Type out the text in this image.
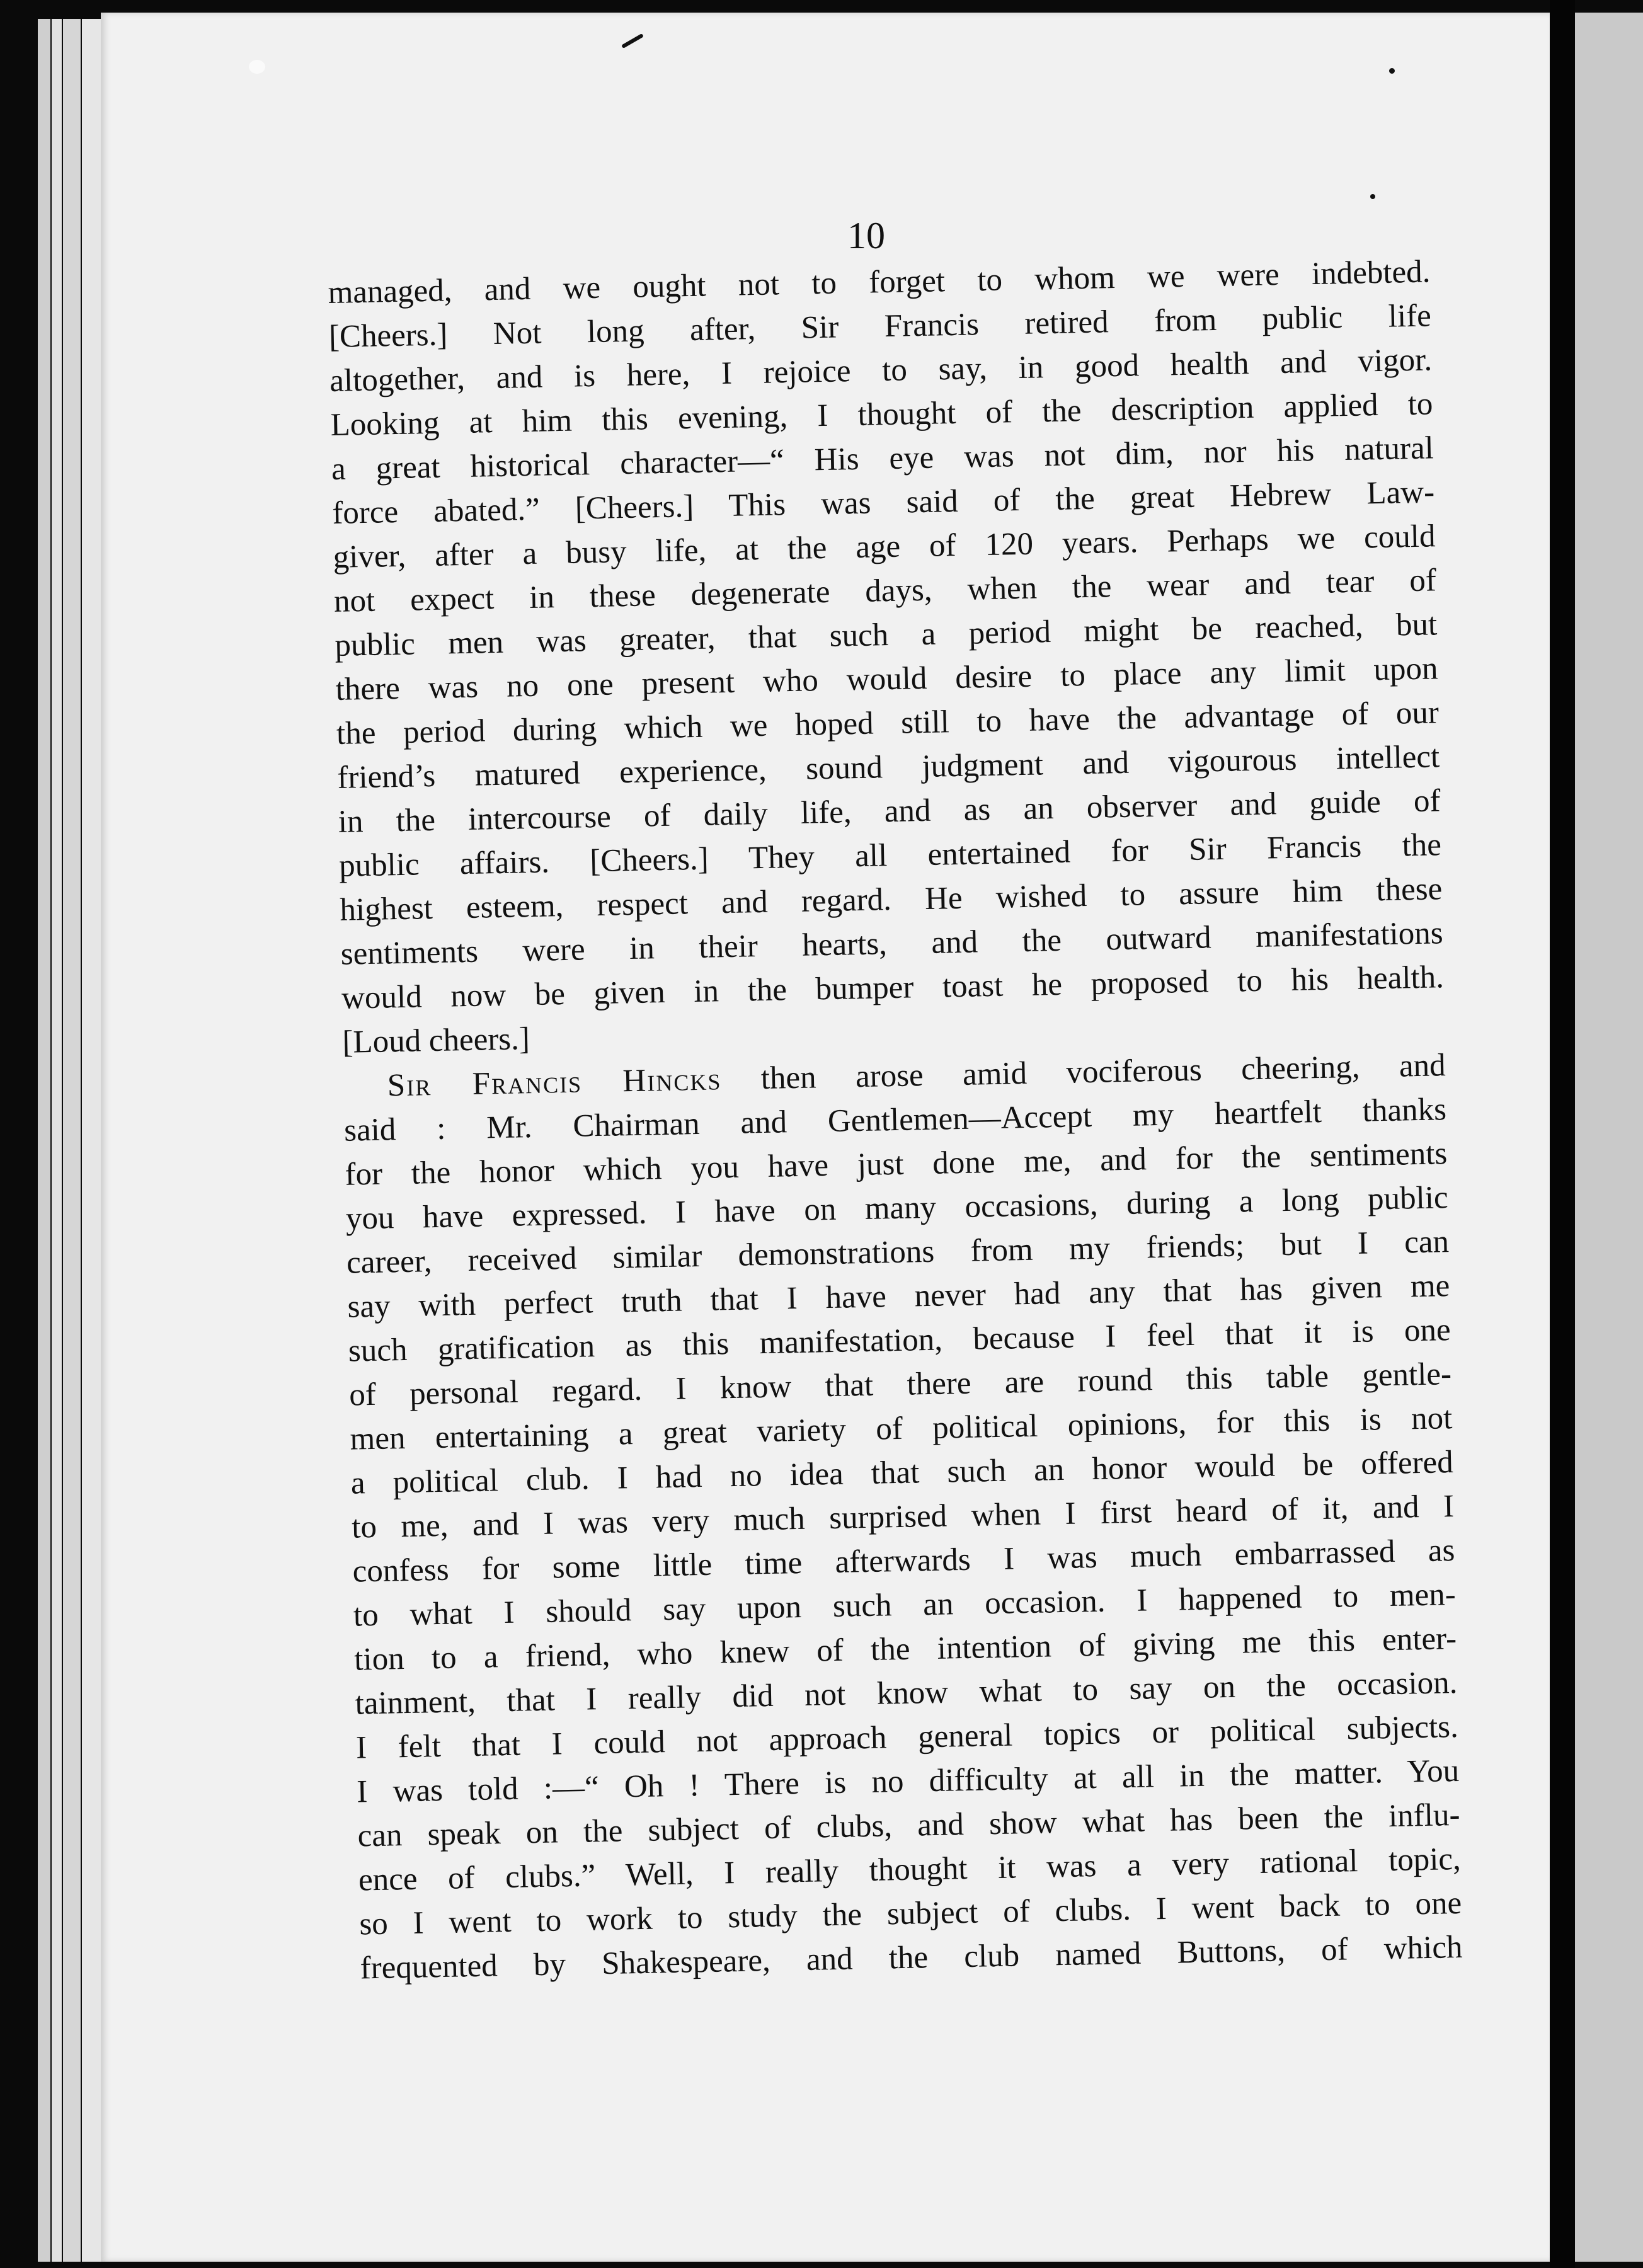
10
managed, and we ought not to forget to whom we were indebted.
[Cheers.] Not long after, Sir Francis retired from public life
altogether, and is here, I rejoice to say, in good health and vigor.
Looking at him this evening, I thought of the description applied to
a great historical character—“ His eye was not dim, nor his natural
force abated.” [Cheers.] This was said of the great Hebrew Law-
giver, after a busy life, at the age of 120 years. Perhaps we could
not expect in these degenerate days, when the wear and tear of
public men was greater, that such a period might be reached, but
there was no one present who would desire to place any limit upon
the period during which we hoped still to have the advantage of our
friend’s matured experience, sound judgment and vigourous intellect
in the intercourse of daily life, and as an observer and guide of
public affairs. [Cheers.] They all entertained for Sir Francis the
highest esteem, respect and regard. He wished to assure him these
sentiments were in their hearts, and the outward manifestations
would now be given in the bumper toast he proposed to his health.
[Loud cheers.]
Sir Francis Hincks then arose amid vociferous cheering, and
said : Mr. Chairman and Gentlemen—Accept my heartfelt thanks
for the honor which you have just done me, and for the sentiments
you have expressed. I have on many occasions, during a long public
career, received similar demonstrations from my friends; but I can
say with perfect truth that I have never had any that has given me
such gratification as this manifestation, because I feel that it is one
of personal regard. I know that there are round this table gentle-
men entertaining a great variety of political opinions, for this is not
a political club. I had no idea that such an honor would be offered
to me, and I was very much surprised when I first heard of it, and I
confess for some little time afterwards I was much embarrassed as
to what I should say upon such an occasion. I happened to men-
tion to a friend, who knew of the intention of giving me this enter-
tainment, that I really did not know what to say on the occasion.
I felt that I could not approach general topics or political subjects.
I was told :—“ Oh ! There is no difficulty at all in the matter. You
can speak on the subject of clubs, and show what has been the influ-
ence of clubs.” Well, I really thought it was a very rational topic,
so I went to work to study the subject of clubs. I went back to one
frequented by Shakespeare, and the club named Buttons, of which
